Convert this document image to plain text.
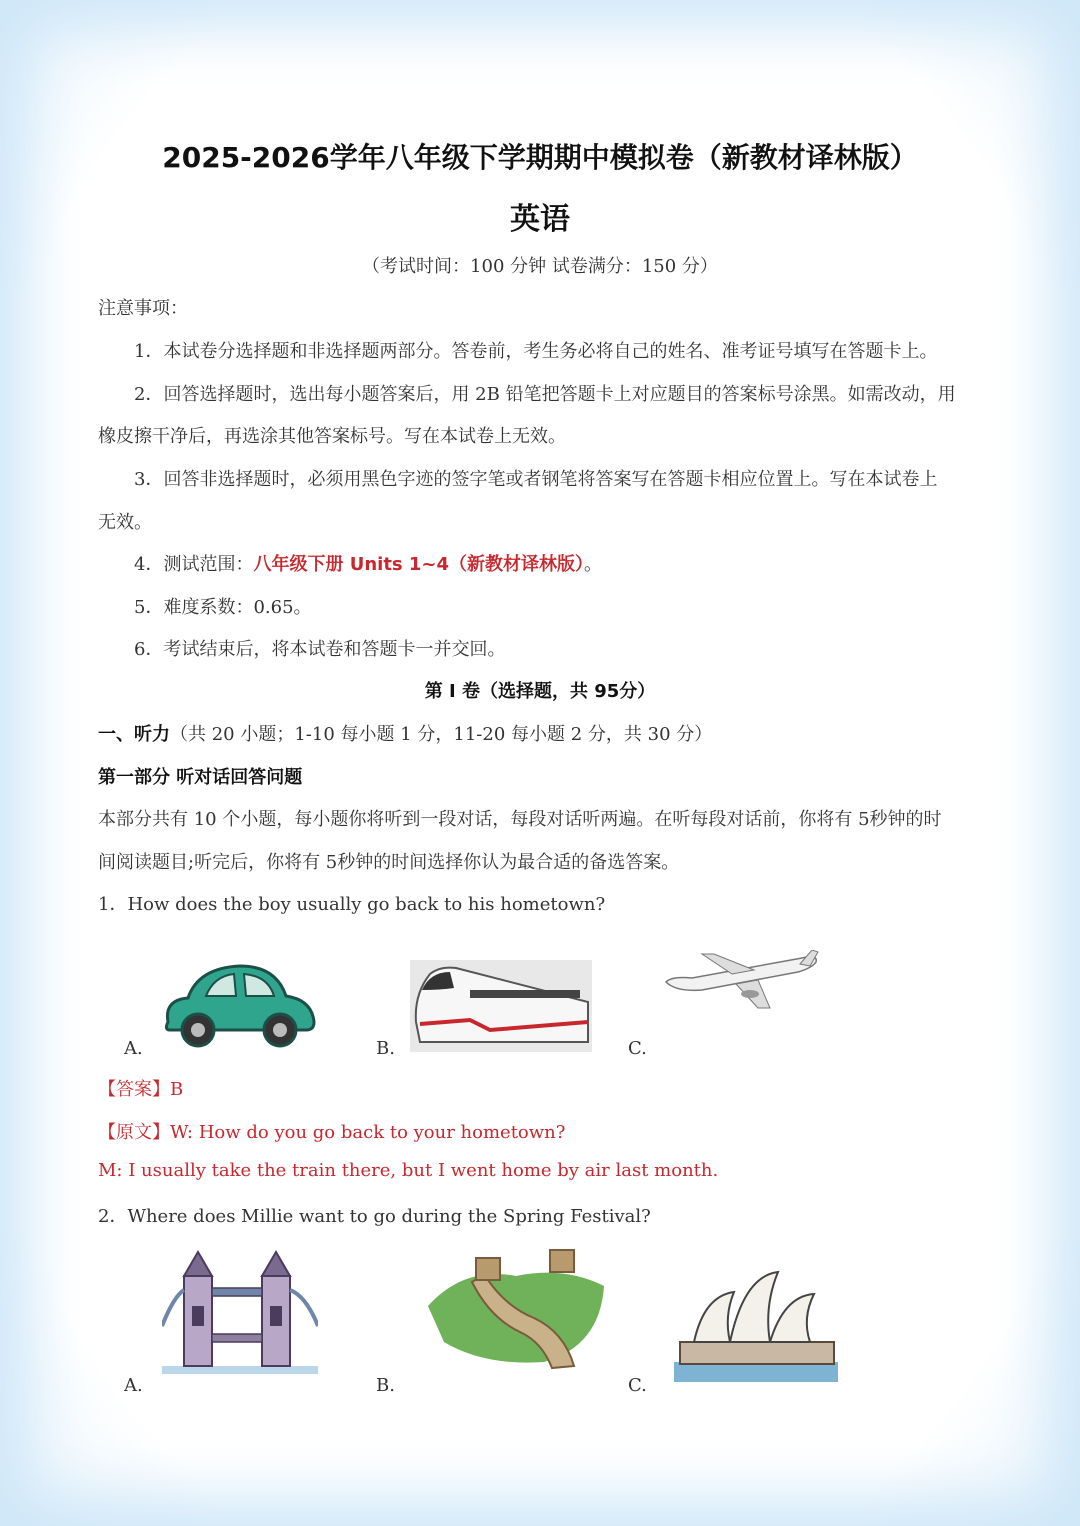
2025-2026学年八年级下学期期中模拟卷（新教材译林版）
英语
（考试时间：100 分钟 试卷满分：150 分）
注意事项：
1．本试卷分选择题和非选择题两部分。答卷前，考生务必将自己的姓名、准考证号填写在答题卡上。
2．回答选择题时，选出每小题答案后，用 2B 铅笔把答题卡上对应题目的答案标号涂黑。如需改动，用
橡皮擦干净后，再选涂其他答案标号。写在本试卷上无效。
3．回答非选择题时，必须用黑色字迹的签字笔或者钢笔将答案写在答题卡相应位置上。写在本试卷上
无效。
4．测试范围：八年级下册 Units 1~4（新教材译林版）。
5．难度系数：0.65。
6．考试结束后，将本试卷和答题卡一并交回。
第 I 卷（选择题，共 95分）
一、听力（共 20 小题；1-10 每小题 1 分，11-20 每小题 2 分，共 30 分）
第一部分 听对话回答问题
本部分共有 10 个小题，每小题你将听到一段对话，每段对话听两遍。在听每段对话前，你将有 5秒钟的时
间阅读题目;听完后，你将有 5秒钟的时间选择你认为最合适的备选答案。
1．How does the boy usually go back to his hometown?
A.	B.	C.
【答案】B
【原文】W: How do you go back to your hometown?
M: I usually take the train there, but I went home by air last month.
2．Where does Millie want to go during the Spring Festival?
A.	B.	C.
